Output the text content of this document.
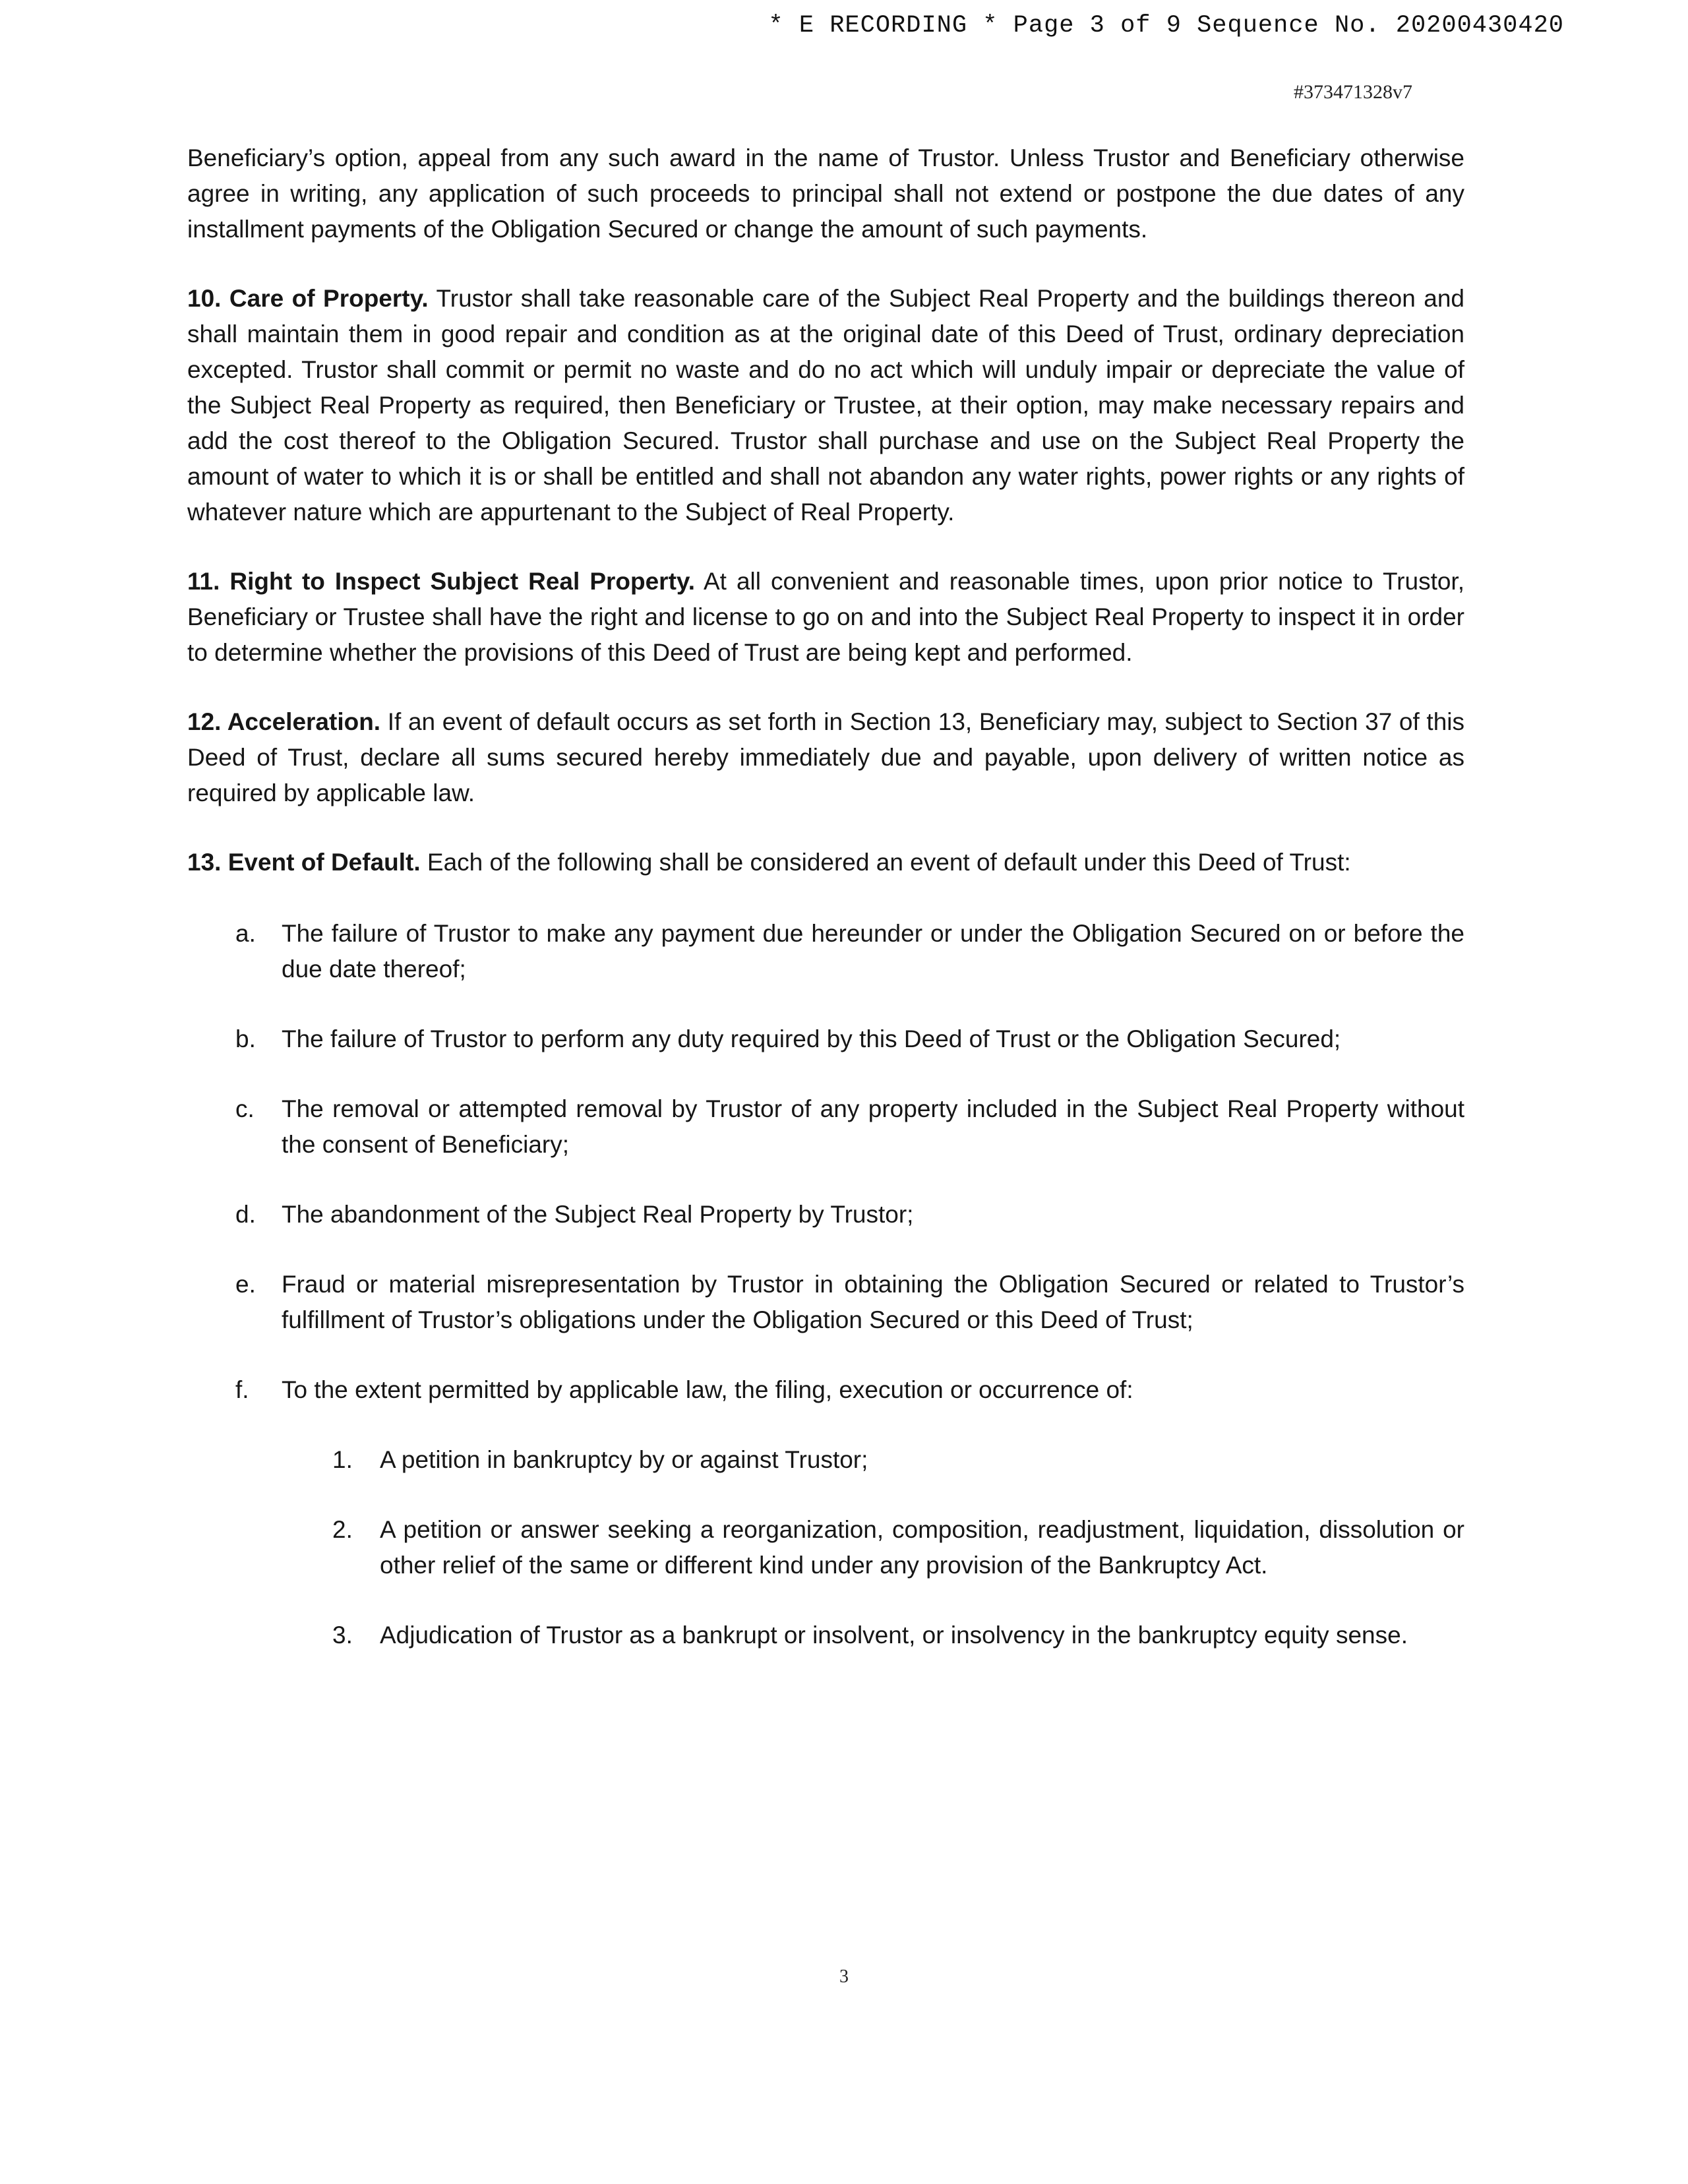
* E RECORDING * Page 3 of 9 Sequence No. 20200430420
#373471328v7

Beneficiary’s option, appeal from any such award in the name of Trustor. Unless Trustor and Beneficiary otherwise agree in writing, any application of such proceeds to principal shall not extend or postpone the due dates of any installment payments of the Obligation Secured or change the amount of such payments.

10. Care of Property. Trustor shall take reasonable care of the Subject Real Property and the buildings thereon and shall maintain them in good repair and condition as at the original date of this Deed of Trust, ordinary depreciation excepted. Trustor shall commit or permit no waste and do no act which will unduly impair or depreciate the value of the Subject Real Property as required, then Beneficiary or Trustee, at their option, may make necessary repairs and add the cost thereof to the Obligation Secured. Trustor shall purchase and use on the Subject Real Property the amount of water to which it is or shall be entitled and shall not abandon any water rights, power rights or any rights of whatever nature which are appurtenant to the Subject of Real Property.

11. Right to Inspect Subject Real Property. At all convenient and reasonable times, upon prior notice to Trustor, Beneficiary or Trustee shall have the right and license to go on and into the Subject Real Property to inspect it in order to determine whether the provisions of this Deed of Trust are being kept and performed.

12. Acceleration. If an event of default occurs as set forth in Section 13, Beneficiary may, subject to Section 37 of this Deed of Trust, declare all sums secured hereby immediately due and payable, upon delivery of written notice as required by applicable law.

13. Event of Default. Each of the following shall be considered an event of default under this Deed of Trust:

a. The failure of Trustor to make any payment due hereunder or under the Obligation Secured on or before the due date thereof;
b. The failure of Trustor to perform any duty required by this Deed of Trust or the Obligation Secured;
c. The removal or attempted removal by Trustor of any property included in the Subject Real Property without the consent of Beneficiary;
d. The abandonment of the Subject Real Property by Trustor;
e. Fraud or material misrepresentation by Trustor in obtaining the Obligation Secured or related to Trustor’s fulfillment of Trustor’s obligations under the Obligation Secured or this Deed of Trust;
f. To the extent permitted by applicable law, the filing, execution or occurrence of:
1. A petition in bankruptcy by or against Trustor;
2. A petition or answer seeking a reorganization, composition, readjustment, liquidation, dissolution or other relief of the same or different kind under any provision of the Bankruptcy Act.
3. Adjudication of Trustor as a bankrupt or insolvent, or insolvency in the bankruptcy equity sense.
3
